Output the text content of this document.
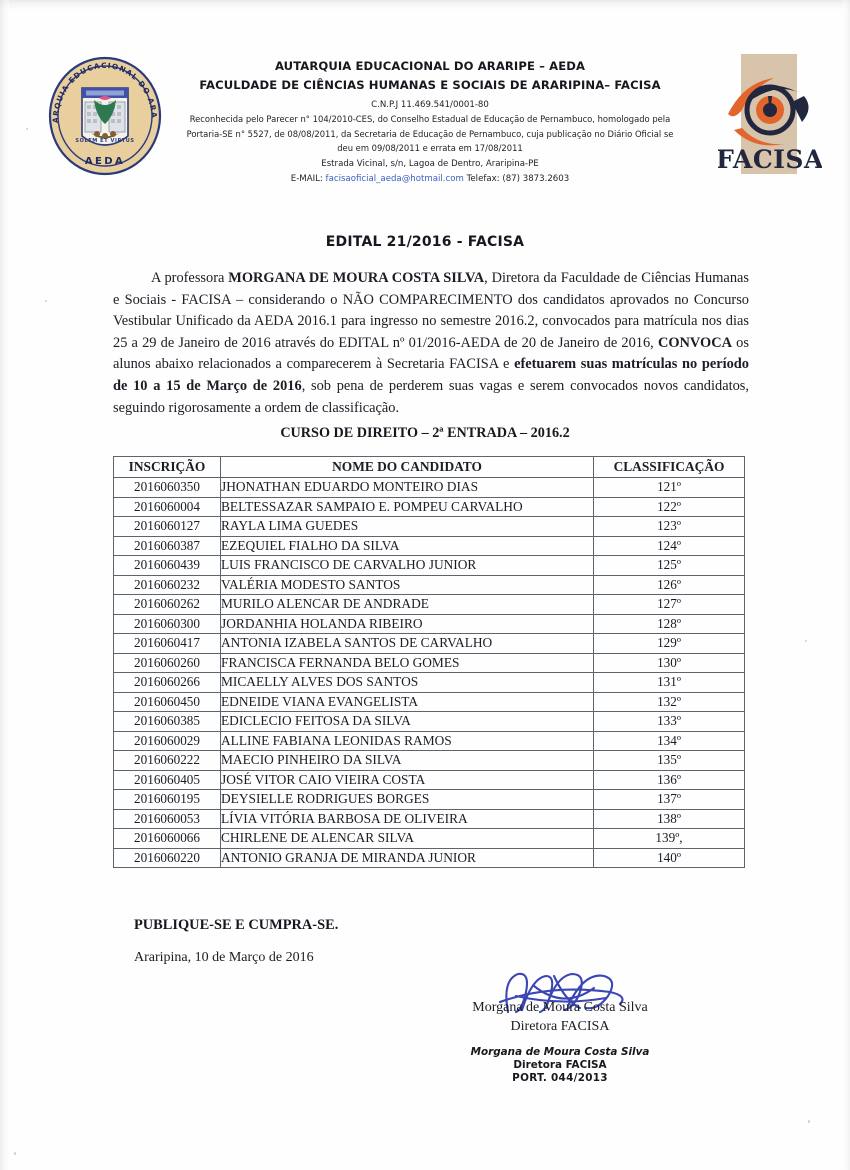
ARQUIA EDUCACIONAL DO ARA
AEDA
SOLEM ET VIRTUS
FACISA
AUTARQUIA EDUCACIONAL DO ARARIPE – AEDA
FACULDADE DE CIÊNCIAS HUMANAS E SOCIAIS DE ARARIPINA– FACISA
C.N.P.J 11.469.541/0001-80
Reconhecida pelo Parecer n° 104/2010-CES, do Conselho Estadual de Educação de Pernambuco, homologado pela
Portaria-SE n° 5527, de 08/08/2011, da Secretaria de Educação de Pernambuco, cuja publicação no Diário Oficial se
deu em 09/08/2011 e errata em 17/08/2011
Estrada Vicinal, s/n, Lagoa de Dentro, Araripina-PE
E-MAIL: facisaoficial_aeda@hotmail.com Telefax: (87) 3873.2603
EDITAL 21/2016 - FACISA
A professora MORGANA DE MOURA COSTA SILVA, Diretora da Faculdade de Ciências Humanas e Sociais - FACISA – considerando o NÃO COMPARECIMENTO dos candidatos aprovados no Concurso Vestibular Unificado da AEDA 2016.1 para ingresso no semestre 2016.2, convocados para matrícula nos dias 25 a 29 de Janeiro de 2016 através do EDITAL nº 01/2016-AEDA de 20 de Janeiro de 2016, CONVOCA os alunos abaixo relacionados a comparecerem à Secretaria FACISA e efetuarem suas matrículas no período de 10 a 15 de Março de 2016, sob pena de perderem suas vagas e serem convocados novos candidatos, seguindo rigorosamente a ordem de classificação.
CURSO DE DIREITO – 2ª ENTRADA – 2016.2
INSCRIÇÃO	NOME DO CANDIDATO	CLASSIFICAÇÃO
2016060350	JHONATHAN EDUARDO MONTEIRO DIAS	121º
2016060004	BELTESSAZAR SAMPAIO E. POMPEU CARVALHO	122º
2016060127	RAYLA LIMA GUEDES	123º
2016060387	EZEQUIEL FIALHO DA SILVA	124º
2016060439	LUIS FRANCISCO DE CARVALHO JUNIOR	125º
2016060232	VALÉRIA MODESTO SANTOS	126º
2016060262	MURILO ALENCAR DE ANDRADE	127º
2016060300	JORDANHIA HOLANDA RIBEIRO	128º
2016060417	ANTONIA IZABELA SANTOS DE CARVALHO	129º
2016060260	FRANCISCA FERNANDA BELO GOMES	130º
2016060266	MICAELLY ALVES DOS SANTOS	131º
2016060450	EDNEIDE VIANA EVANGELISTA	132º
2016060385	EDICLECIO FEITOSA DA SILVA	133º
2016060029	ALLINE FABIANA LEONIDAS RAMOS	134º
2016060222	MAECIO PINHEIRO DA SILVA	135º
2016060405	JOSÉ VITOR CAIO VIEIRA COSTA	136º
2016060195	DEYSIELLE RODRIGUES BORGES	137º
2016060053	LÍVIA VITÓRIA BARBOSA DE OLIVEIRA	138º
2016060066	CHIRLENE DE ALENCAR SILVA	139º,
2016060220	ANTONIO GRANJA DE MIRANDA JUNIOR	140º
PUBLIQUE-SE E CUMPRA-SE.
Araripina, 10 de Março de 2016
Morgana de Moura Costa Silva
Diretora FACISA
Morgana de Moura Costa Silva
Diretora FACISA
PORT. 044/2013
